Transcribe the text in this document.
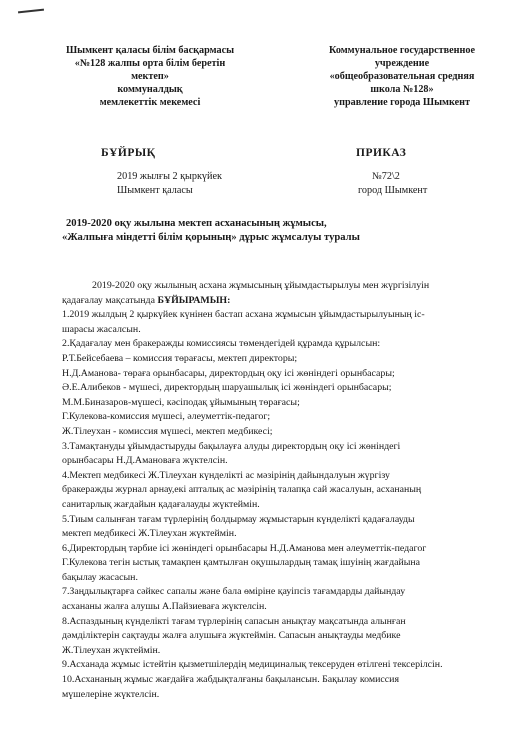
Шымкент қаласы білім басқармасы
«№128 жалпы орта білім беретін
мектеп»
коммуналдық
мемлекеттік мекемесі
Коммунальное государственное
учреждение
«общеобразовательная средняя
школа №128»
управление города Шымкент
БҰЙРЫҚ	ПРИКАЗ
2019 жылғы 2 қыркүйек	№72\2
Шымкент қаласы	город Шымкент
2019-2020 оқу жылына мектеп асханасының жұмысы,
«Жалпыға міндетті білім қорының» дұрыс жұмсалуы туралы
2019-2020 оқу жылының асхана жұмысының ұйымдастырылуы мен жүргізілуін
қадағалау мақсатында БҰЙЫРАМЫН:
1.2019 жылдың 2 қыркүйек күнінен бастап асхана жұмысын ұйымдастырылуының іс-
шарасы жасалсын.
2.Қадағалау мен бракеражды комиссиясы төмендегідей құрамда құрылсын:
Р.Т.Бейсебаева – комиссия төрағасы, мектеп директоры;
Н.Д.Аманова- төраға орынбасары, директордың оқу ісі жөніндегі орынбасары;
Ә.Е.Алибеков - мүшесі, директордың шаруашылық ісі жөніндегі орынбасары;
М.М.Биназаров-мүшесі, кәсіподақ ұйымының төрағасы;
Г.Кулекова-комиссия мүшесі, әлеуметтік-педагог;
Ж.Тілеухан - комиссия мүшесі, мектеп медбикесі;
3.Тамақтануды ұйымдастыруды бақылауға алуды директордың оқу ісі жөніндегі
орынбасары Н.Д.Амановаға жүктелсін.
4.Мектеп медбикесі Ж.Тілеухан күнделікті ас мәзірінің дайындалуын жүргізу
бракеражды журнал арнау,екі апталық ас мәзірінің талапқа сай жасалуын, асхананың
санитарлық жағдайын қадағалауды жүктеймін.
5.Тиым салынған тағам түрлерінің болдырмау жұмыстарын күнделікті қадағалауды
мектеп медбикесі Ж.Тілеухан жүктеймін.
6.Директордың тәрбие ісі жөніндегі орынбасары Н.Д.Аманова мен әлеуметтік-педагог
Г.Кулекова тегін ыстық тамақпен қамтылған оқушылардың тамақ ішуінің жағдайына
бақылау жасасын.
7.Заңдылықтарға сәйкес сапалы және бала өміріне қауіпсіз тағамдарды дайындау
асхананы жалға алушы А.Пайзиеваға жүктелсін.
8.Аспаздының күнделікті тағам түрлерінің сапасын анықтау мақсатында алынған
дәмділіктерін сақтауды жалға алушыға жүктеймін. Сапасын анықтауды медбике
Ж.Тілеухан жүктеймін.
9.Асханада жұмыс істейтін қызметшілердің медициналық тексеруден өтілгені тексерілсін.
10.Асхананың жұмыс жағдайға жабдықталғаны бақылансын. Бақылау комиссия
мүшелеріне жүктелсін.
